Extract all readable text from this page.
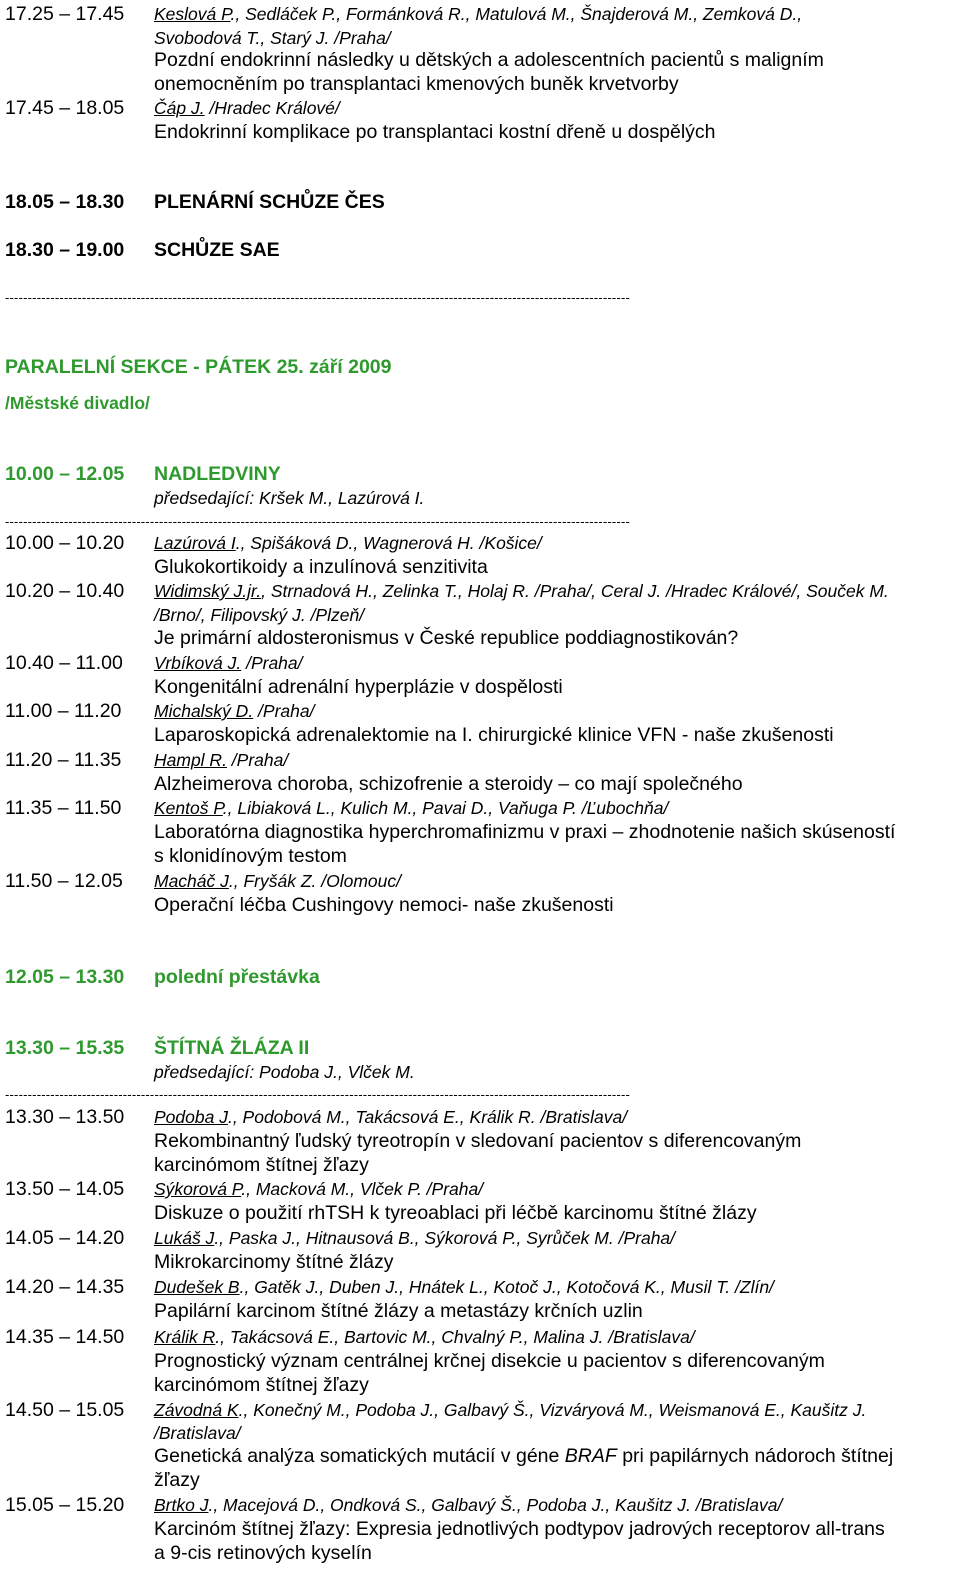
17.25 – 17.45 Keslová P., Sedláček P., Formánková R., Matulová M., Šnajderová M., Zemková D.,
Svobodová T., Starý J. /Praha/
Pozdní endokrinní následky u dětských a adolescentních pacientů s maligním
onemocněním po transplantaci kmenových buněk krvetvorby
17.45 – 18.05 Čáp J. /Hradec Králové/
Endokrinní komplikace po transplantaci kostní dřeně u dospělých
18.05 – 18.30 PLENÁRNÍ SCHŮZE ČES
18.30 – 19.00 SCHŮZE SAE
------------------------------------------------------------------------------------------------------------------------------------------
PARALELNÍ SEKCE - PÁTEK 25. září 2009
/Městské divadlo/
10.00 – 12.05 NADLEDVINY
předsedající: Kršek M., Lazúrová I.
------------------------------------------------------------------------------------------------------------------------------------------
10.00 – 10.20 Lazúrová I., Spišáková D., Wagnerová H. /Košice/
Glukokortikoidy a inzulínová senzitivita
10.20 – 10.40 Widimský J.jr., Strnadová H., Zelinka T., Holaj R. /Praha/, Ceral J. /Hradec Králové/, Souček M.
/Brno/, Filipovský J. /Plzeň/
Je primární aldosteronismus v České republice poddiagnostikován?
10.40 – 11.00 Vrbíková J. /Praha/
Kongenitální adrenální hyperplázie v dospělosti
11.00 – 11.20 Michalský D. /Praha/
Laparoskopická adrenalektomie na I. chirurgické klinice VFN - naše zkušenosti
11.20 – 11.35 Hampl R. /Praha/
Alzheimerova choroba, schizofrenie a steroidy – co mají společného
11.35 – 11.50 Kentoš P., Libiaková L., Kulich M., Pavai D., Vaňuga P. /Ľubochňa/
Laboratórna diagnostika hyperchromafinizmu v praxi – zhodnotenie našich skúseností
s klonidínovým testom
11.50 – 12.05 Macháč J., Fryšák Z. /Olomouc/
Operační léčba Cushingovy nemoci- naše zkušenosti
12.05 – 13.30 polední přestávka
13.30 – 15.35 ŠTÍTNÁ ŽLÁZA II
předsedající: Podoba J., Vlček M.
------------------------------------------------------------------------------------------------------------------------------------------
13.30 – 13.50 Podoba J., Podobová M., Takácsová E., Králik R. /Bratislava/
Rekombinantný ľudský tyreotropín v sledovaní pacientov s diferencovaným
karcinómom štítnej žľazy
13.50 – 14.05 Sýkorová P., Macková M., Vlček P. /Praha/
Diskuze o použití rhTSH k tyreoablaci při léčbě karcinomu štítné žlázy
14.05 – 14.20 Lukáš J., Paska J., Hitnausová B., Sýkorová P., Syrůček M. /Praha/
Mikrokarcinomy štítné žlázy
14.20 – 14.35 Dudešek B., Gatěk J., Duben J., Hnátek L., Kotoč J., Kotočová K., Musil T. /Zlín/
Papilární karcinom štítné žlázy a metastázy krčních uzlin
14.35 – 14.50 Králik R., Takácsová E., Bartovic M., Chvalný P., Malina J. /Bratislava/
Prognostický význam centrálnej krčnej disekcie u pacientov s diferencovaným
karcinómom štítnej žľazy
14.50 – 15.05 Závodná K., Konečný M., Podoba J., Galbavý Š., Vizváryová M., Weismanová E., Kaušitz J.
/Bratislava/
Genetická analýza somatických mutácií v géne BRAF pri papilárnych nádoroch štítnej
žľazy
15.05 – 15.20 Brtko J., Macejová D., Ondková S., Galbavý Š., Podoba J., Kaušitz J. /Bratislava/
Karcinóm štítnej žľazy: Expresia jednotlivých podtypov jadrových receptorov all-trans
a 9-cis retinových kyselín
